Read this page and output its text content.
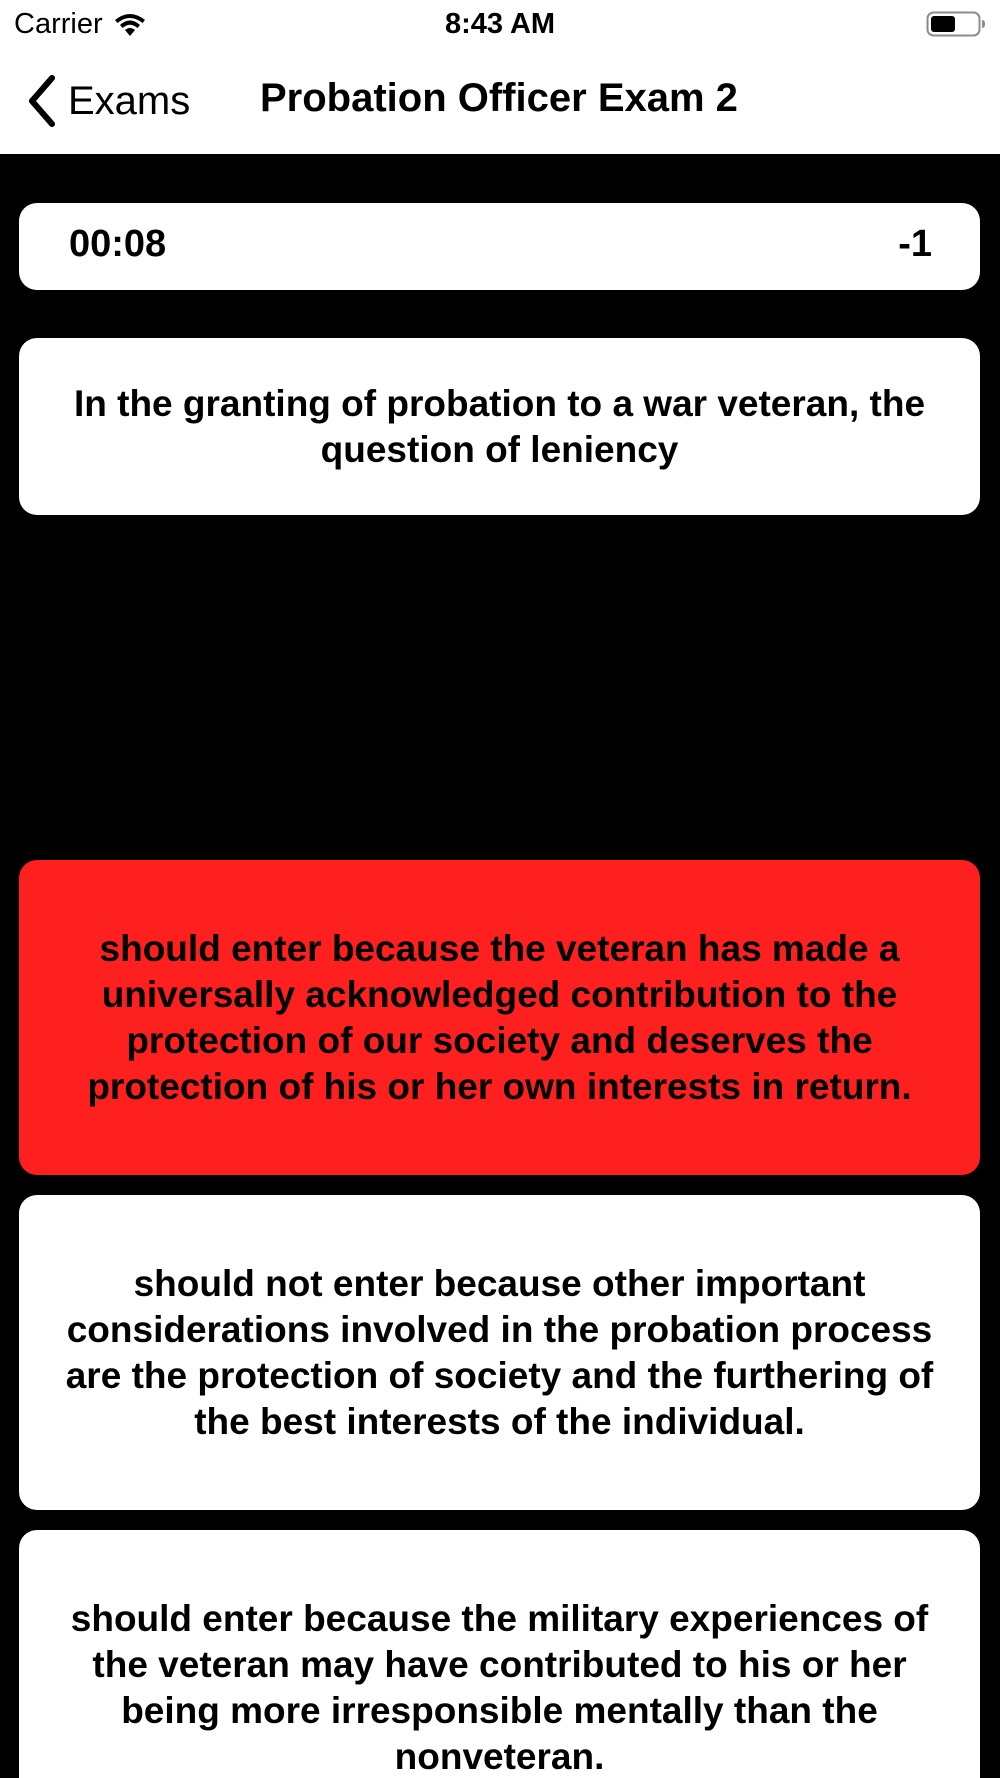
Carrier	8:43 AM
Exams Probation Officer Exam 2
00:08	-1
In the granting of probation to a war veteran, the question of leniency
should enter because the veteran has made a universally acknowledged contribution to the protection of our society and deserves the protection of his or her own interests in return.
should not enter because other important considerations involved in the probation process are the protection of society and the furthering of the best interests of the individual.
should enter because the military experiences of the veteran may have contributed to his or her being more irresponsible mentally than the nonveteran.
